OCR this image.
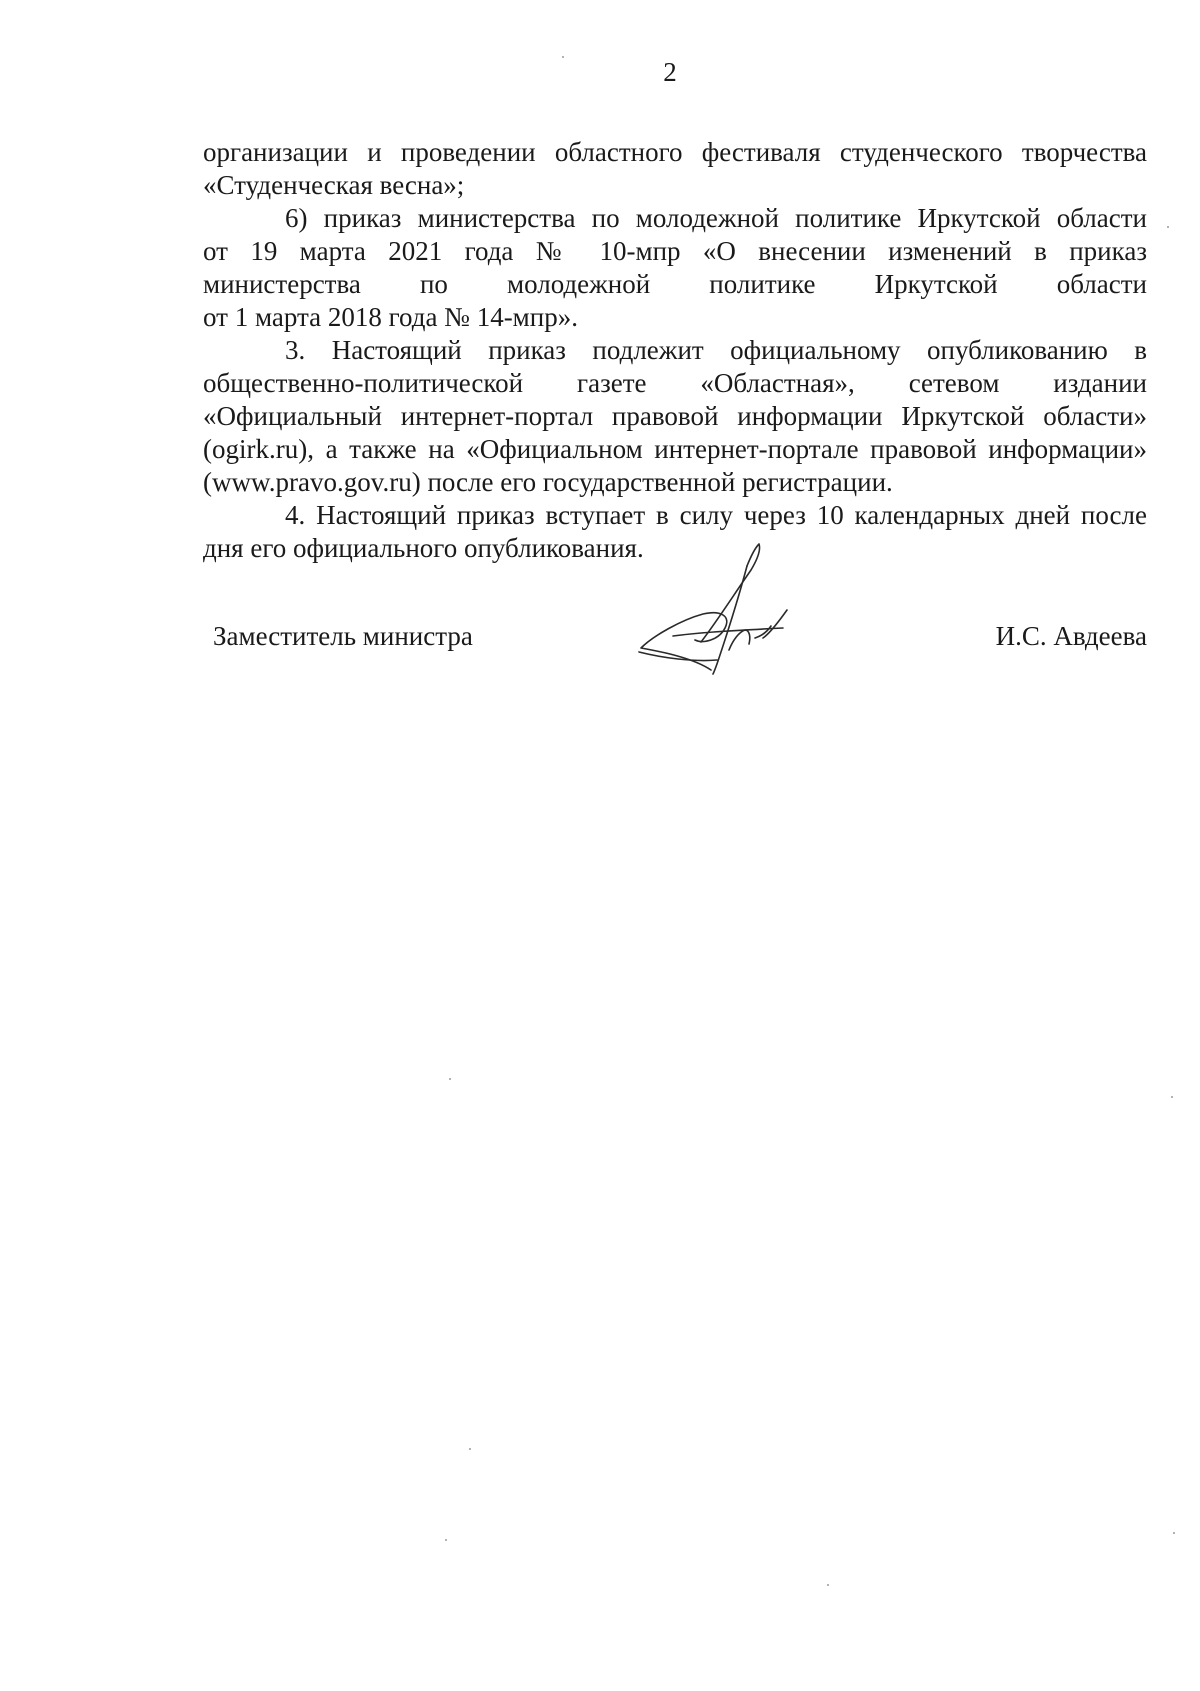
2
организации и проведении областного фестиваля студенческого творчества
«Студенческая весна»;
6) приказ министерства по молодежной политике Иркутской области
от 19 марта 2021 года № 10-мпр «О внесении изменений в приказ
министерства по молодежной политике Иркутской области
от 1 марта 2018 года № 14-мпр».
3. Настоящий приказ подлежит официальному опубликованию в
общественно-политической газете «Областная», сетевом издании
«Официальный интернет-портал правовой информации Иркутской области»
(ogirk.ru), а также на «Официальном интернет-портале правовой информации»
(www.pravo.gov.ru) после его государственной регистрации.
4. Настоящий приказ вступает в силу через 10 календарных дней после
дня его официального опубликования.
Заместитель министра	И.С. Авдеева
